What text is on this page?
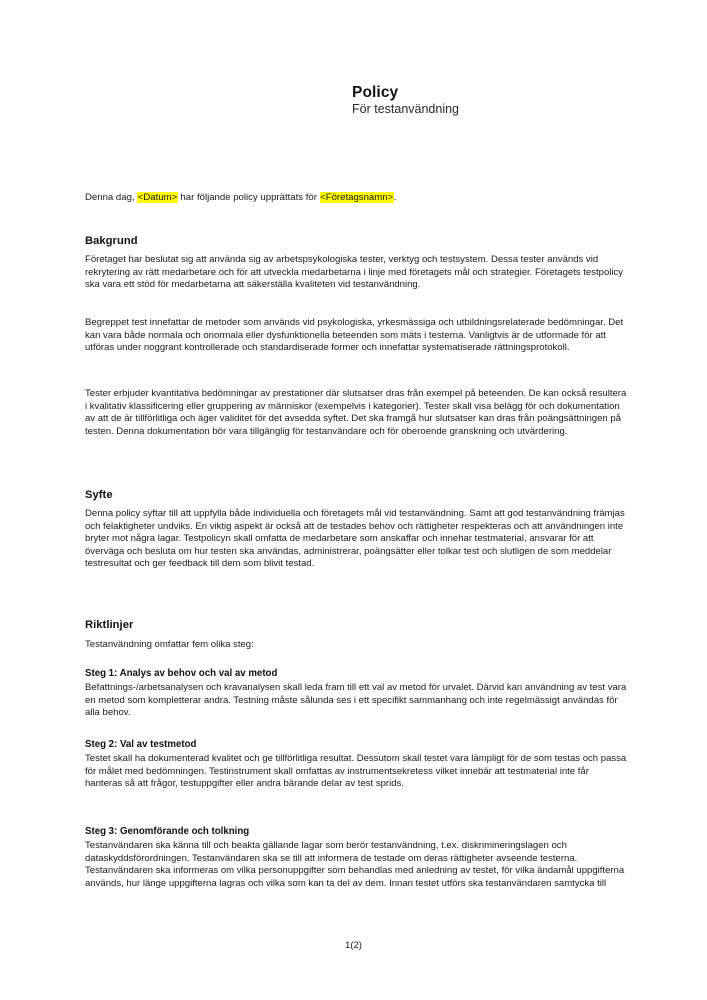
Policy
För testanvändning

Denna dag, <Datum> har följande policy upprättats för <Företagsnamn>.

Bakgrund

Företaget har beslutat sig att använda sig av arbetspsykologiska tester, verktyg och testsystem. Dessa tester används vid rekrytering av rätt medarbetare och för att utveckla medarbetarna i linje med företagets mål och strategier. Företagets testpolicy ska vara ett stöd för medarbetarna att säkerställa kvaliteten vid testanvändning.

Begreppet test innefattar de metoder som används vid psykologiska, yrkesmässiga och utbildningsrelaterade bedömningar. Det kan vara både normala och onormala eller dysfunktionella beteenden som mäts i testerna. Vanligtvis är de utformade för att utföras under noggrant kontrollerade och standardiserade former och innefattar systematiserade rättningsprotokoll.

Tester erbjuder kvantitativa bedömningar av prestationer där slutsatser dras från exempel på beteenden. De kan också resultera i kvalitativ klassificering eller gruppering av människor (exempelvis i kategorier). Tester skall visa belägg för och dokumentation av att de är tillförlitliga och äger validitet för det avsedda syftet. Det ska framgå hur slutsatser kan dras från poängsättningen på testen. Denna dokumentation bör vara tillgänglig för testanvändare och för oberoende granskning och utvärdering.

Syfte

Denna policy syftar till att uppfylla både individuella och företagets mål vid testanvändning. Samt att god testanvändning främjas och felaktigheter undviks. En viktig aspekt är också att de testades behov och rättigheter respekteras och att användningen inte bryter mot några lagar. Testpolicyn skall omfatta de medarbetare som anskaffar och innehar testmaterial, ansvarar för att överväga och besluta om hur testen ska användas, administrerar, poängsätter eller tolkar test och slutligen de som meddelar testresultat och ger feedback till dem som blivit testad.

Riktlinjer

Testanvändning omfattar fem olika steg:

Steg 1: Analys av behov och val av metod

Befattnings-/arbetsanalysen och kravanalysen skall leda fram till ett val av metod för urvalet. Därvid kan användning av test vara en metod som kompletterar andra. Testning måste sålunda ses i ett specifikt sammanhang och inte regelmässigt användas för alla behov.

Steg 2: Val av testmetod

Testet skall ha dokumenterad kvalitet och ge tillförlitliga resultat. Dessutom skall testet vara lämpligt för de som testas och passa för målet med bedömningen. Testinstrument skall omfattas av instrumentsekretess vilket innebär att testmaterial inte får hanteras så att frågor, testuppgifter eller andra bärande delar av test sprids.

Steg 3: Genomförande och tolkning

Testanvändaren ska känna till och beakta gällande lagar som berör testanvändning, t.ex. diskrimineringslagen och dataskyddsförordningen. Testanvändaren ska se till att informera de testade om deras rättigheter avseende testerna. Testanvändaren ska informeras om vilka personuppgifter som behandlas med anledning av testet, för vilka ändamål uppgifterna används, hur länge uppgifterna lagras och vilka som kan ta del av dem. Innan testet utförs ska testanvändaren samtycka till

1(2)
